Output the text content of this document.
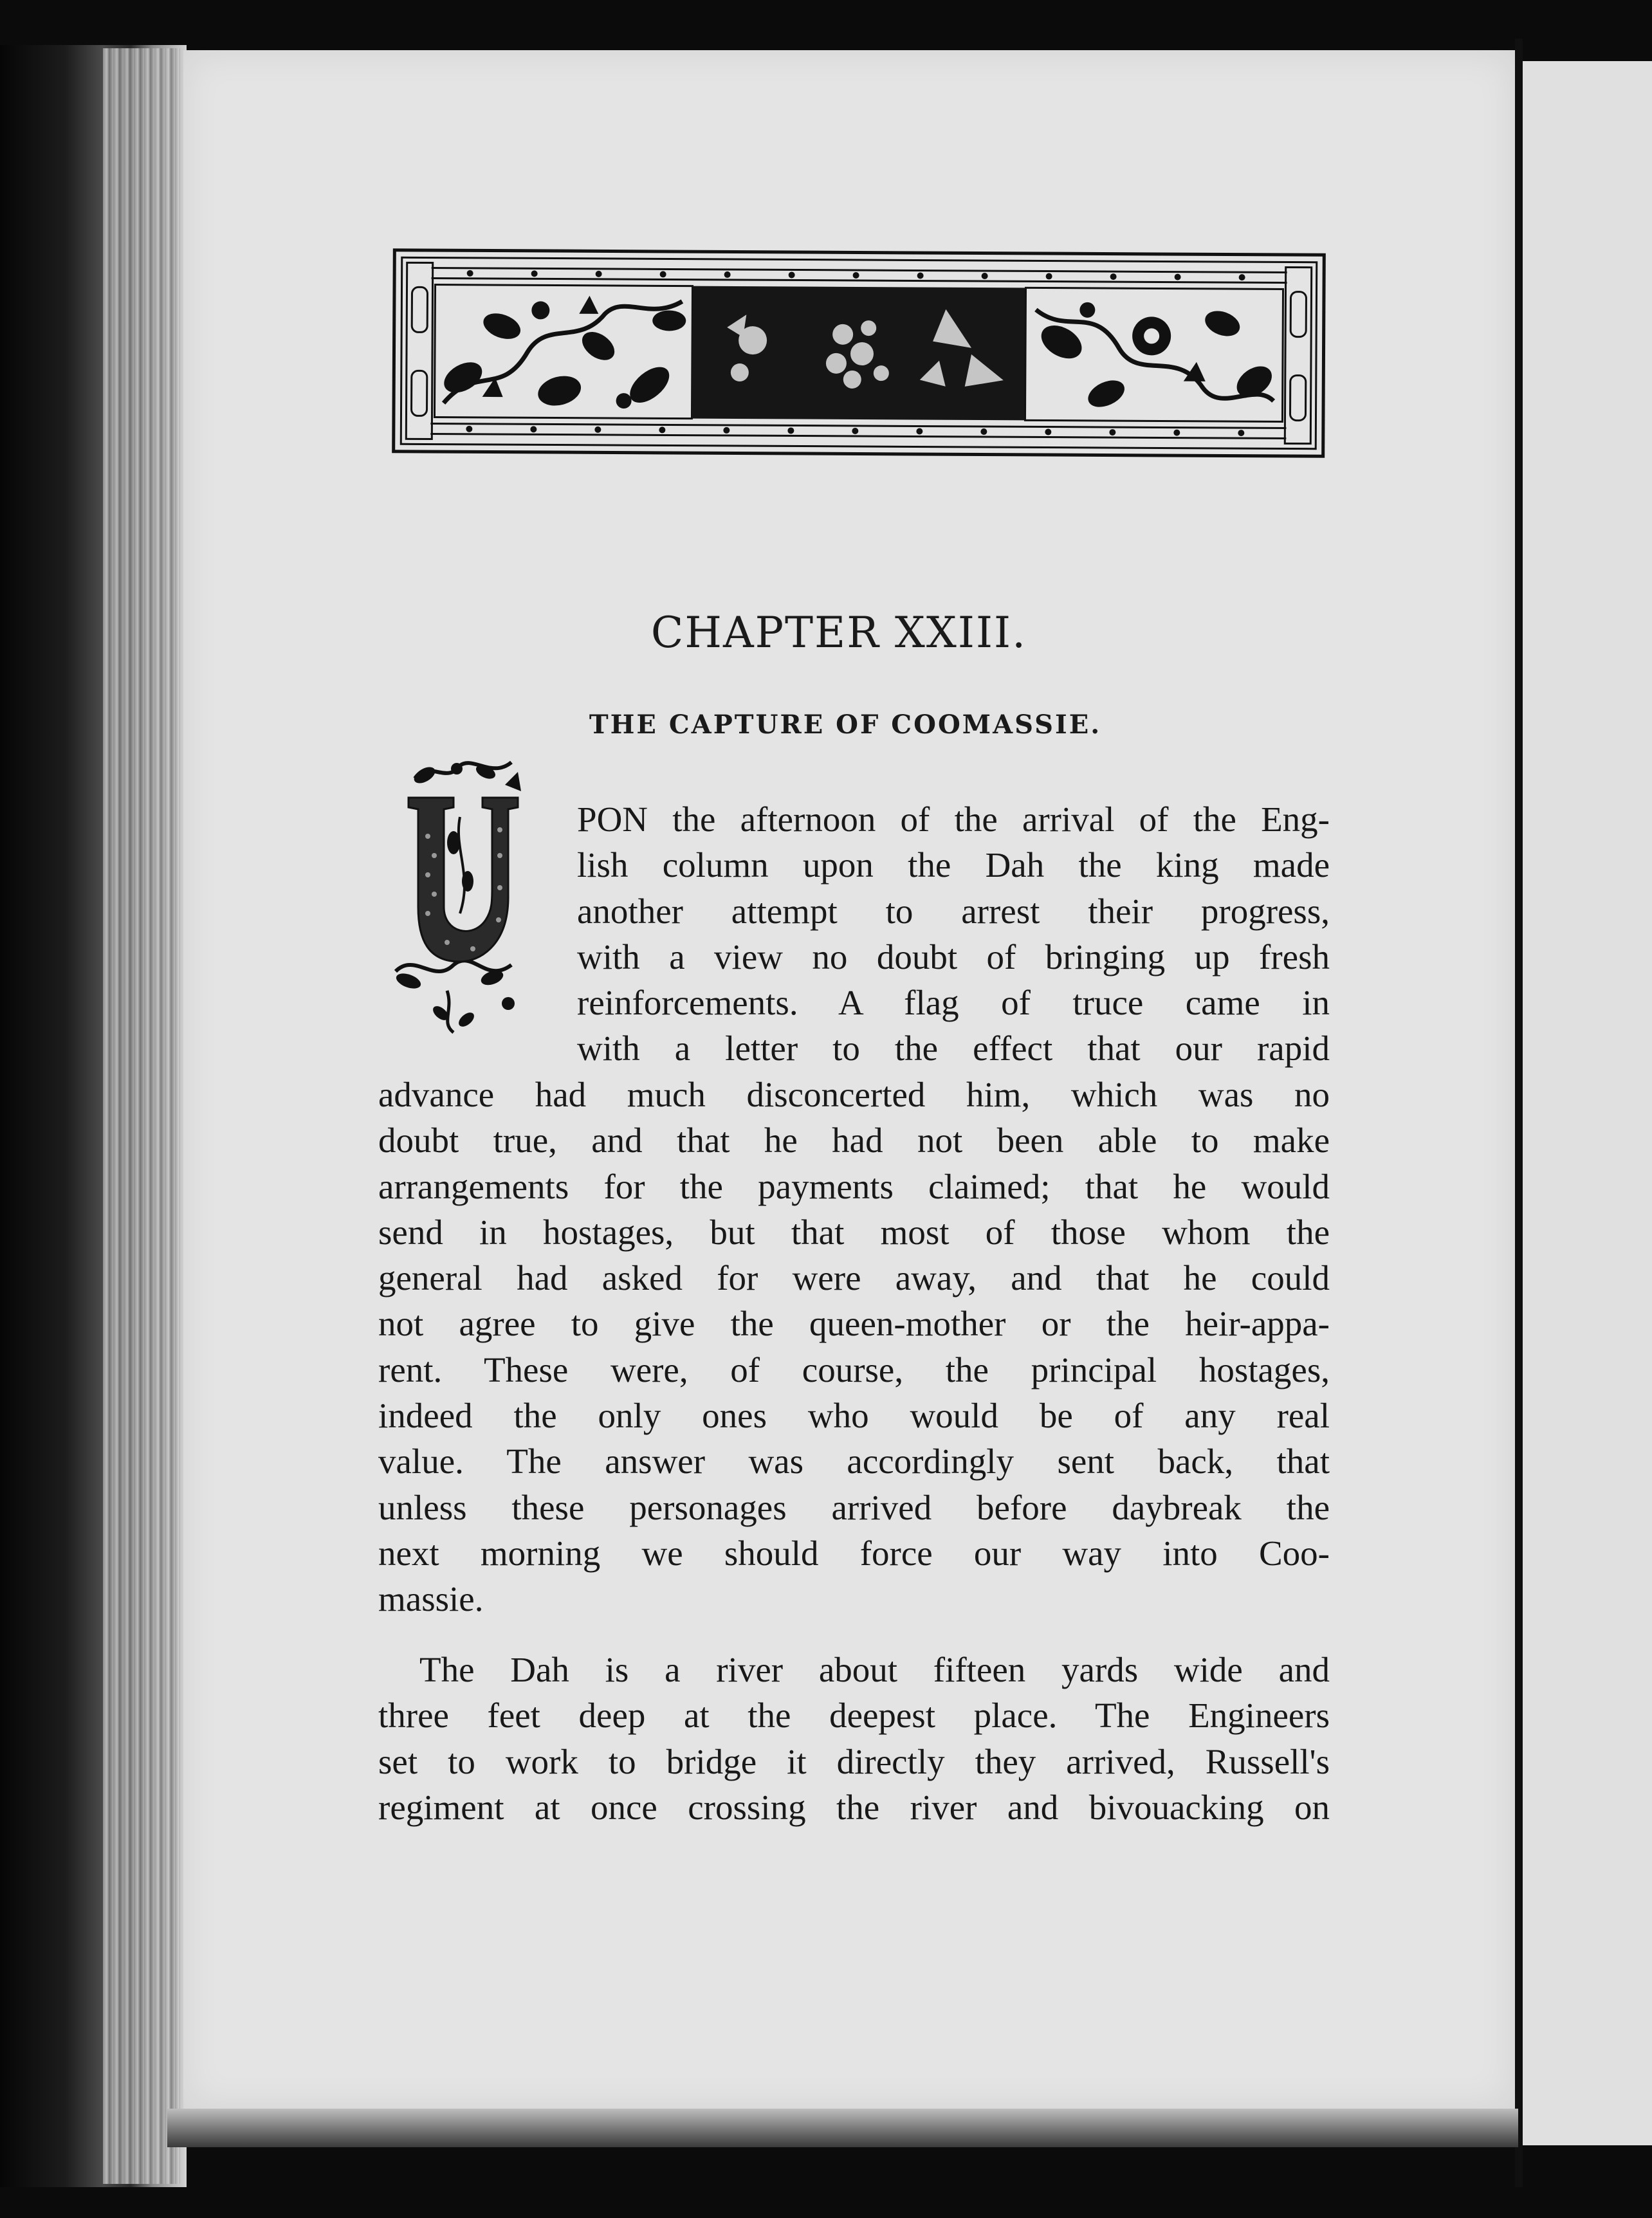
CHAPTER XXIII.
THE CAPTURE OF COOMASSIE.
PON the afternoon of the arrival of the Eng-
lish column upon the Dah the king made
another attempt to arrest their progress,
with a view no doubt of bringing up fresh
reinforcements. A flag of truce came in
with a letter to the effect that our rapid
advance had much disconcerted him, which was no
doubt true, and that he had not been able to make
arrangements for the payments claimed; that he would
send in hostages, but that most of those whom the
general had asked for were away, and that he could
not agree to give the queen-mother or the heir-appa-
rent. These were, of course, the principal hostages,
indeed the only ones who would be of any real
value. The answer was accordingly sent back, that
unless these personages arrived before daybreak the
next morning we should force our way into Coo-
massie.
The Dah is a river about fifteen yards wide and
three feet deep at the deepest place. The Engineers
set to work to bridge it directly they arrived, Russell's
regiment at once crossing the river and bivouacking on
